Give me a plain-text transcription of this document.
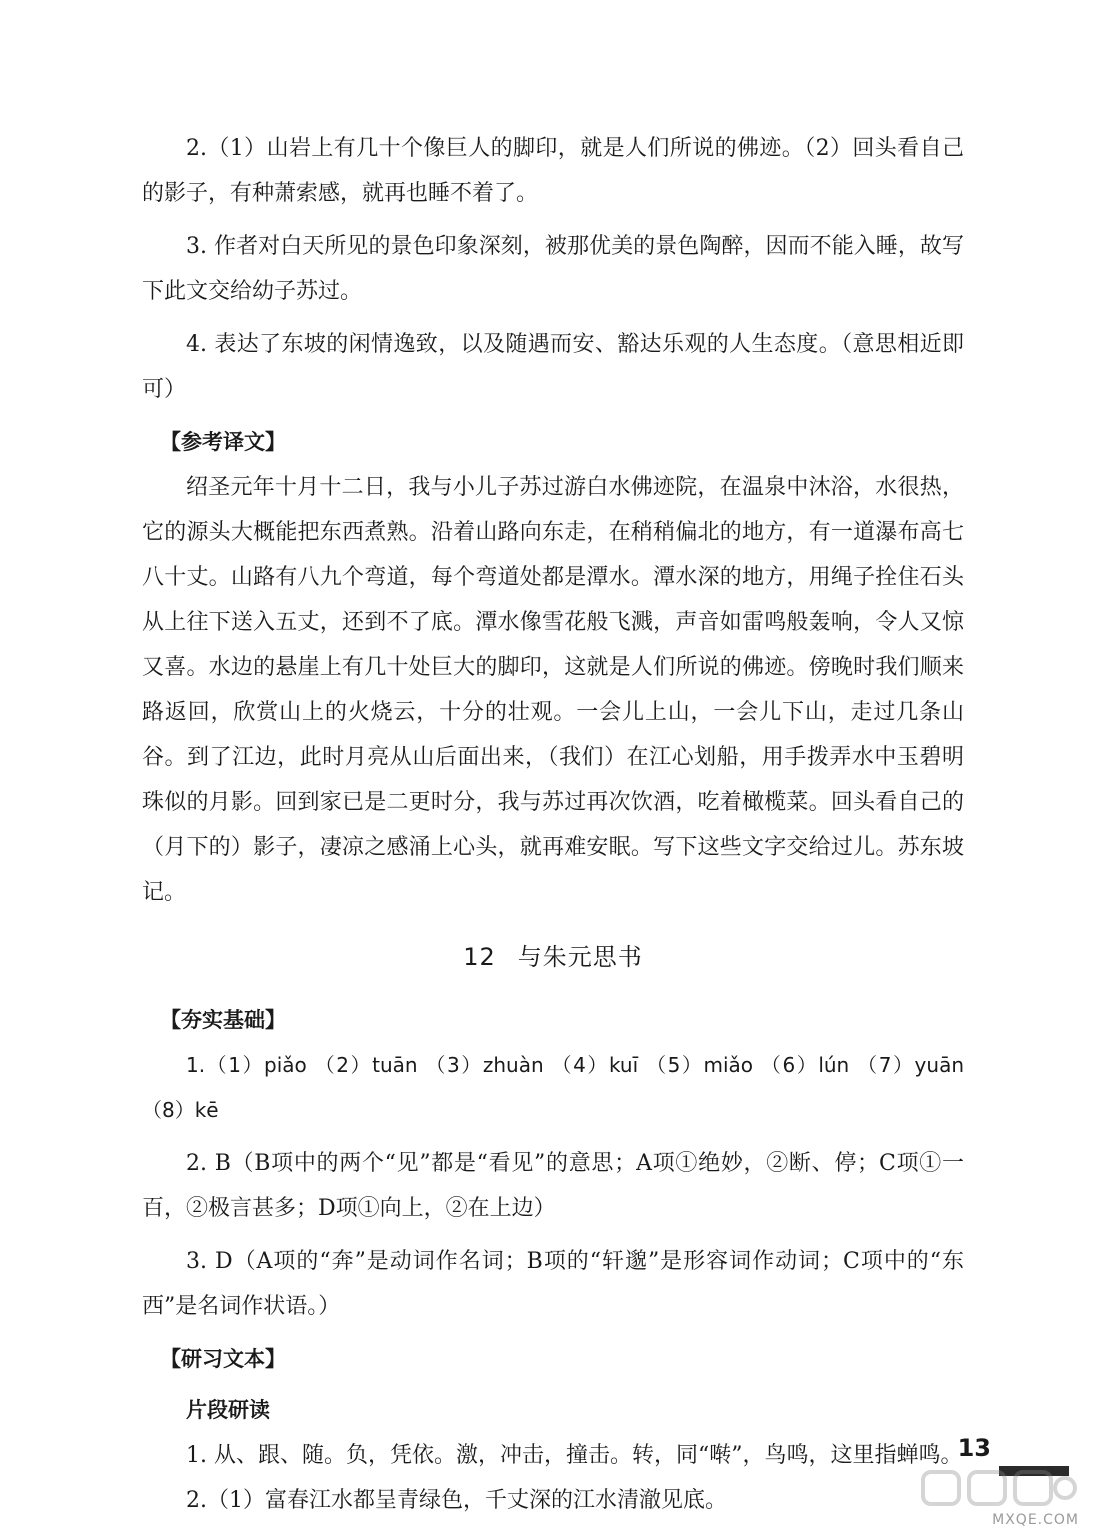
2.（1）山岩上有几十个像巨人的脚印，就是人们所说的佛迹。（2）回头看自己的影子，有种萧索感，就再也睡不着了。

3. 作者对白天所见的景色印象深刻，被那优美的景色陶醉，因而不能入睡，故写下此文交给幼子苏过。

4. 表达了东坡的闲情逸致，以及随遇而安、豁达乐观的人生态度。（意思相近即可）

【参考译文】

绍圣元年十月十二日，我与小儿子苏过游白水佛迹院，在温泉中沐浴，水很热，它的源头大概能把东西煮熟。沿着山路向东走，在稍稍偏北的地方，有一道瀑布高七八十丈。山路有八九个弯道，每个弯道处都是潭水。潭水深的地方，用绳子拴住石头从上往下送入五丈，还到不了底。潭水像雪花般飞溅，声音如雷鸣般轰响，令人又惊又喜。水边的悬崖上有几十处巨大的脚印，这就是人们所说的佛迹。傍晚时我们顺来路返回，欣赏山上的火烧云，十分的壮观。一会儿上山，一会儿下山，走过几条山谷。到了江边，此时月亮从山后面出来，（我们）在江心划船，用手拨弄水中玉碧明珠似的月影。回到家已是二更时分，我与苏过再次饮酒，吃着橄榄菜。回头看自己的（月下的）影子，凄凉之感涌上心头，就再难安眠。写下这些文字交给过儿。苏东坡记。

12 与朱元思书

【夯实基础】

1.（1）piǎo （2）tuān （3）zhuàn （4）kuī （5）miǎo （6）lún （7）yuān （8）kē

2. B（B项中的两个“见”都是“看见”的意思；A项①绝妙，②断、停；C项①一百，②极言甚多；D项①向上，②在上边）

3. D（A项的“奔”是动词作名词；B项的“轩邈”是形容词作动词；C项中的“东西”是名词作状语。）

【研习文本】

片段研读

1. 从、跟、随。负，凭依。激，冲击，撞击。转，同“啭”，鸟鸣，这里指蝉鸣。

2.（1）富春江水都呈青绿色，千丈深的江水清澈见底。

13
MXQE.COM
